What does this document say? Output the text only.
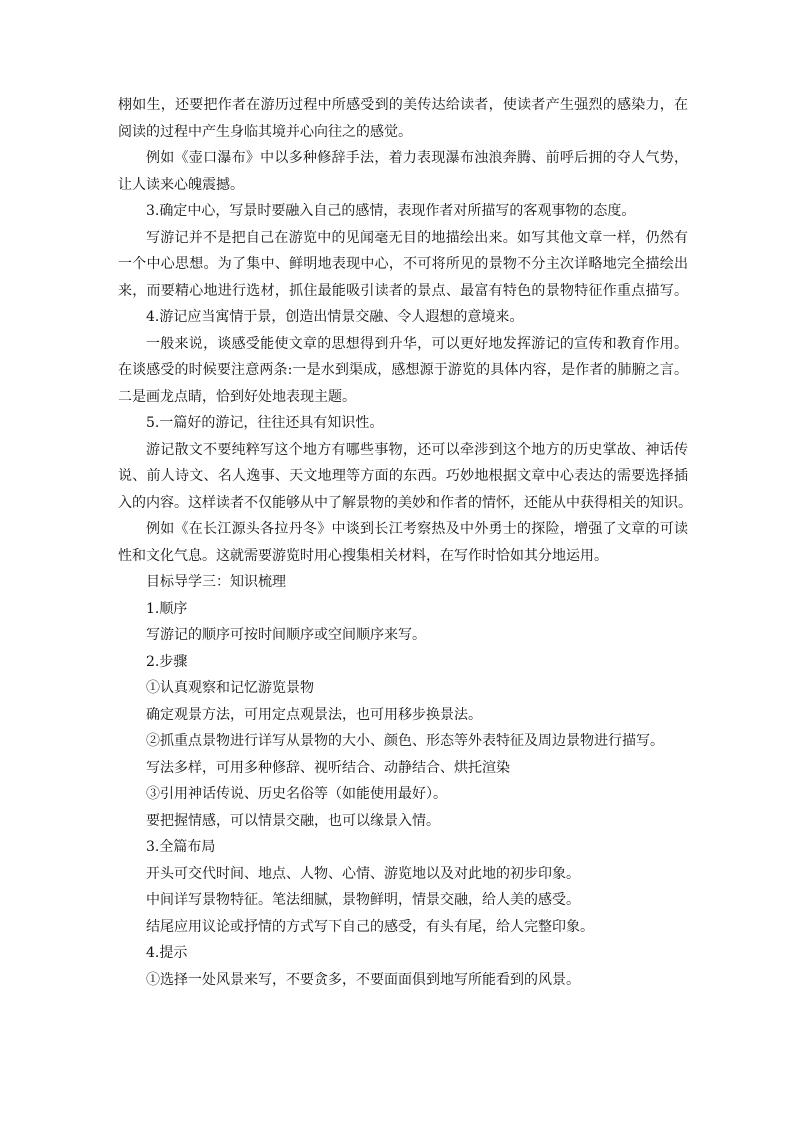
栩如生，还要把作者在游历过程中所感受到的美传达给读者，使读者产生强烈的感染力，在

阅读的过程中产生身临其境并心向往之的感觉。

例如《壶口瀑布》中以多种修辞手法，着力表现瀑布浊浪奔腾、前呼后拥的夺人气势，

让人读来心魄震撼。

3.确定中心，写景时要融入自己的感情，表现作者对所描写的客观事物的态度。

写游记并不是把自己在游览中的见闻毫无目的地描绘出来。如写其他文章一样，仍然有

一个中心思想。为了集中、鲜明地表现中心，不可将所见的景物不分主次详略地完全描绘出

来，而要精心地进行选材，抓住最能吸引读者的景点、最富有特色的景物特征作重点描写。

4.游记应当寓情于景，创造出情景交融、令人遐想的意境来。

一般来说，谈感受能使文章的思想得到升华，可以更好地发挥游记的宣传和教育作用。

在谈感受的时候要注意两条:一是水到渠成，感想源于游览的具体内容，是作者的肺腑之言。

二是画龙点睛，恰到好处地表现主题。

5.一篇好的游记，往往还具有知识性。

游记散文不要纯粹写这个地方有哪些事物，还可以牵涉到这个地方的历史掌故、神话传

说、前人诗文、名人逸事、天文地理等方面的东西。巧妙地根据文章中心表达的需要选择插

入的内容。这样读者不仅能够从中了解景物的美妙和作者的情怀，还能从中获得相关的知识。

例如《在长江源头各拉丹冬》中谈到长江考察热及中外勇士的探险，增强了文章的可读

性和文化气息。这就需要游览时用心搜集相关材料，在写作时恰如其分地运用。

目标导学三：知识梳理

1.顺序

写游记的顺序可按时间顺序或空间顺序来写。

2.步骤

①认真观察和记忆游览景物

确定观景方法，可用定点观景法，也可用移步换景法。

②抓重点景物进行详写从景物的大小、颜色、形态等外表特征及周边景物进行描写。

写法多样，可用多种修辞、视听结合、动静结合、烘托渲染

③引用神话传说、历史名俗等（如能使用最好）。

要把握情感，可以情景交融，也可以缘景入情。

3.全篇布局

开头可交代时间、地点、人物、心情、游览地以及对此地的初步印象。

中间详写景物特征。笔法细腻，景物鲜明，情景交融，给人美的感受。

结尾应用议论或抒情的方式写下自己的感受，有头有尾，给人完整印象。

4.提示

①选择一处风景来写，不要贪多，不要面面俱到地写所能看到的风景。
